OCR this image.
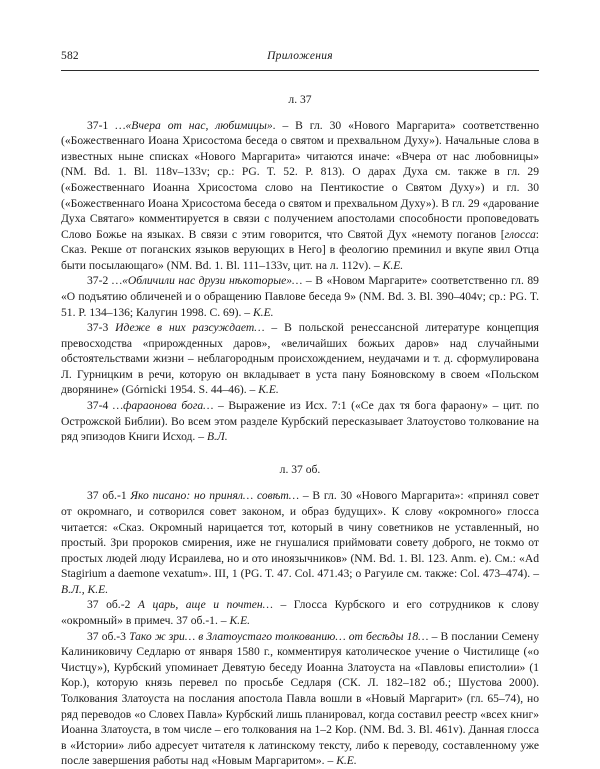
582	Приложения
л. 37

37-1 …«Вчера от нас, любимицы». – В гл. 30 «Нового Маргарита» соответственно («Божественнаго Иоана Хрисостома беседа о святом и прехвальном Духу»). Начальные слова в известных ныне списках «Нового Маргарита» читаются иначе: «Вчера от нас любовницы» (NM. Bd. 1. Bl. 118v–133v; ср.: PG. T. 52. P. 813). О дарах Духа см. также в гл. 29 («Божественнаго Иоанна Хрисостома слово на Пентикостие о Святом Духу») и гл. 30 («Божественнаго Иоана Хрисостома беседа о святом и прехвальном Духу»). В гл. 29 «дарование Духа Святаго» комментируется в связи с получением апостолами способности проповедовать Слово Божье на языках. В связи с этим говорится, что Святой Дух «немоту поганов [глосса: Сказ. Рекше от поганских языков верующих в Него] в феологию преминил и вкупе явил Отца быти посылающаго» (NM. Bd. 1. Bl. 111–133v, цит. на л. 112v). – К.Е.

37-2 …«Обличили нас друзи нѣкоторые»… – В «Новом Маргарите» соответственно гл. 89 «О подъятию обличеней и о обращению Павлове беседа 9» (NM. Bd. 3. Bl. 390–404v; ср.: PG. T. 51. P. 134–136; Калугин 1998. С. 69). – К.Е.

37-3 Идеже в них разсуждает… – В польской ренессансной литературе концепция превосходства «прирожденных даров», «величайших божьих даров» над случайными обстоятельствами жизни – неблагородным происхождением, неудачами и т. д. сформулирована Л. Гурницким в речи, которую он вкладывает в уста пану Бояновскому в своем «Польском дворянине» (Górnicki 1954. S. 44–46). – К.Е.

37-4 …фараонова бога… – Выражение из Исх. 7:1 («Се дах тя бога фараону» – цит. по Острожской Библии). Во всем этом разделе Курбский пересказывает Златоустово толкование на ряд эпизодов Книги Исход. – В.Л.

л. 37 об.

37 об.-1 Яко писано: но принял… совѣт… – В гл. 30 «Нового Маргарита»: «принял совет от окромнаго, и сотворился совет законом, и образ будущих». К слову «окромного» глосса читается: «Сказ. Окромный нарицается тот, который в чину советников не уставленный, но простый. Зри пророков смирения, иже не гнушалися приймовати совету доброго, не токмо от простых людей люду Исраилева, но и ото иноязычников» (NM. Bd. 1. Bl. 123. Anm. e). См.: «Ad Stagirium a daemone vexatum». III, 1 (PG. T. 47. Col. 471.43; о Рагуиле см. также: Col. 473–474). – В.Л., К.Е.

37 об.-2 А царь, аще и почтен… – Глосса Курбского и его сотрудников к слову «окромный» в примеч. 37 об.-1. – К.Е.

37 об.-3 Тако ж зри… в Златоустаго толкованию… от бесѣды 18… – В послании Семену Калиниковичу Седларю от января 1580 г., комментируя католическое учение о Чистилище («о Чистцу»), Курбский упоминает Девятую беседу Иоанна Златоуста на «Павловы епистолии» (1 Кор.), которую князь перевел по просьбе Седларя (СК. Л. 182–182 об.; Шустова 2000). Толкования Златоуста на послания апостола Павла вошли в «Новый Маргарит» (гл. 65–74), но ряд переводов «о Словех Павла» Курбский лишь планировал, когда составил реестр «всех книг» Иоанна Златоуста, в том числе – его толкования на 1–2 Кор. (NM. Bd. 3. Bl. 461v). Данная глосса в «Истории» либо адресует читателя к латинскому тексту, либо к переводу, составленному уже после завершения работы над «Новым Маргаритом». – К.Е.
